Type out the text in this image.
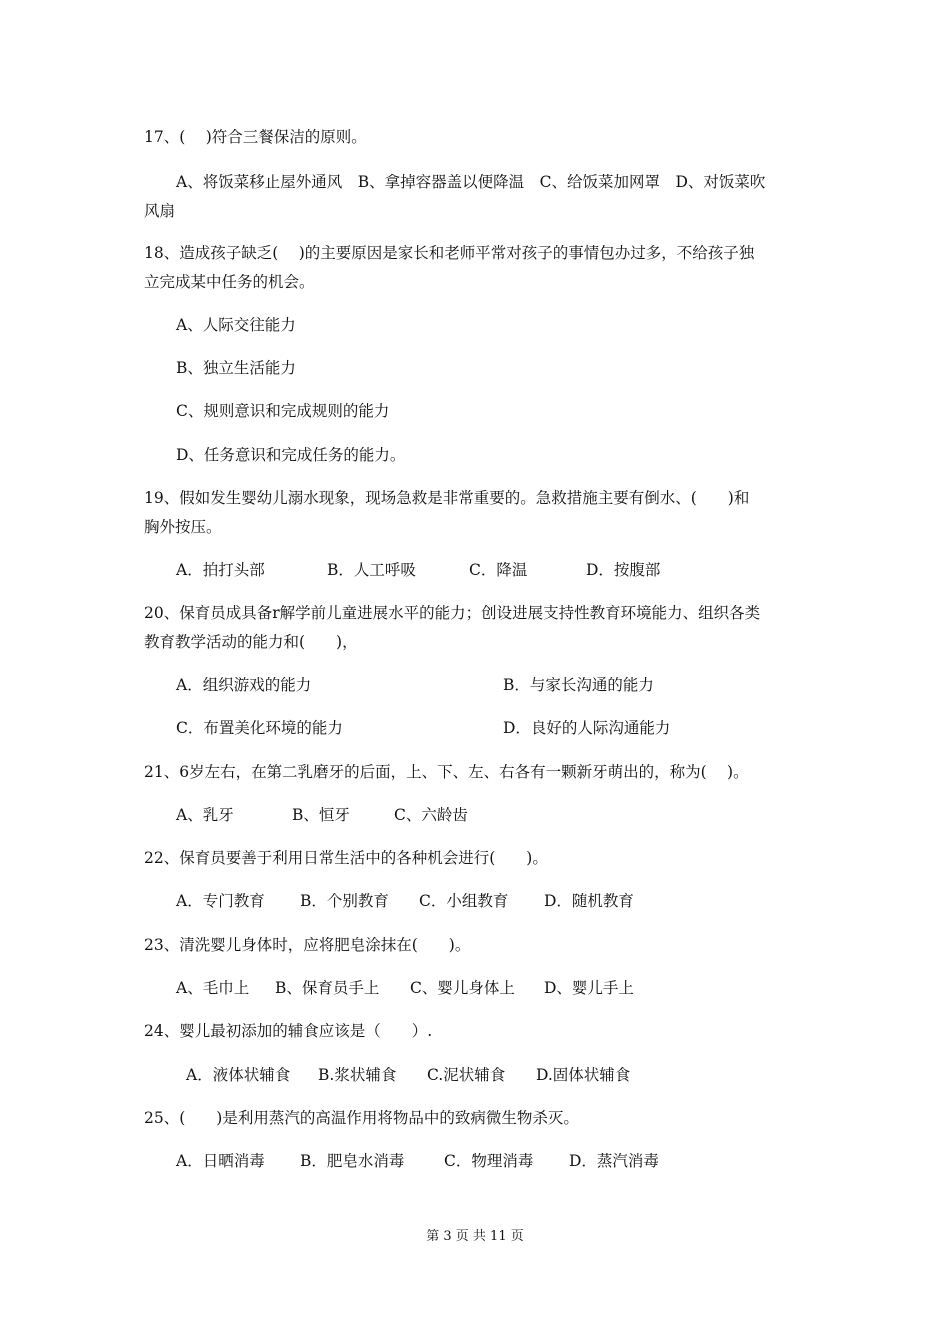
17、(　 )符合三餐保洁的原则。
A、将饭菜移止屋外通风　B、拿掉容器盖以便降温　C、给饭菜加网罩　D、对饭菜吹
风扇
18、造成孩子缺乏(　 )的主要原因是家长和老师平常对孩子的事情包办过多，不给孩子独
立完成某中任务的机会。
A、人际交往能力
B、独立生活能力
C、规则意识和完成规则的能力
D、任务意识和完成任务的能力。
19、假如发生婴幼儿溺水现象，现场急救是非常重要的。急救措施主要有倒水、(　　)和
胸外按压。
A．拍打头部	B．人工呼吸	C．降温	D．按腹部
20、保育员成具备r解学前儿童进展水平的能力；创设进展支持性教育环境能力、组织各类
教育教学活动的能力和(　　)，
A．组织游戏的能力	B．与家长沟通的能力
C．布置美化环境的能力	D．良好的人际沟通能力
21、6岁左右，在第二乳磨牙的后面，上、下、左、右各有一颗新牙萌出的，称为(　 )。
A、乳牙	B、恒牙	C、六龄齿
22、保育员要善于利用日常生活中的各种机会进行(　　)。
A．专门教育 B．个别教育 C．小组教育 D．随机教育
23、清洗婴儿身体时，应将肥皂涂抹在(　　)。
A、毛巾上 B、保育员手上 C、婴儿身体上 D、婴儿手上
24、婴儿最初添加的辅食应该是（　　）.
A．液体状辅食 B.浆状辅食 C.泥状辅食 D.固体状辅食
25、(　　)是利用蒸汽的高温作用将物品中的致病微生物杀灭。
A．日晒消毒 B．肥皂水消毒	C．物理消毒 D．蒸汽消毒
第 3 页 共 11 页
